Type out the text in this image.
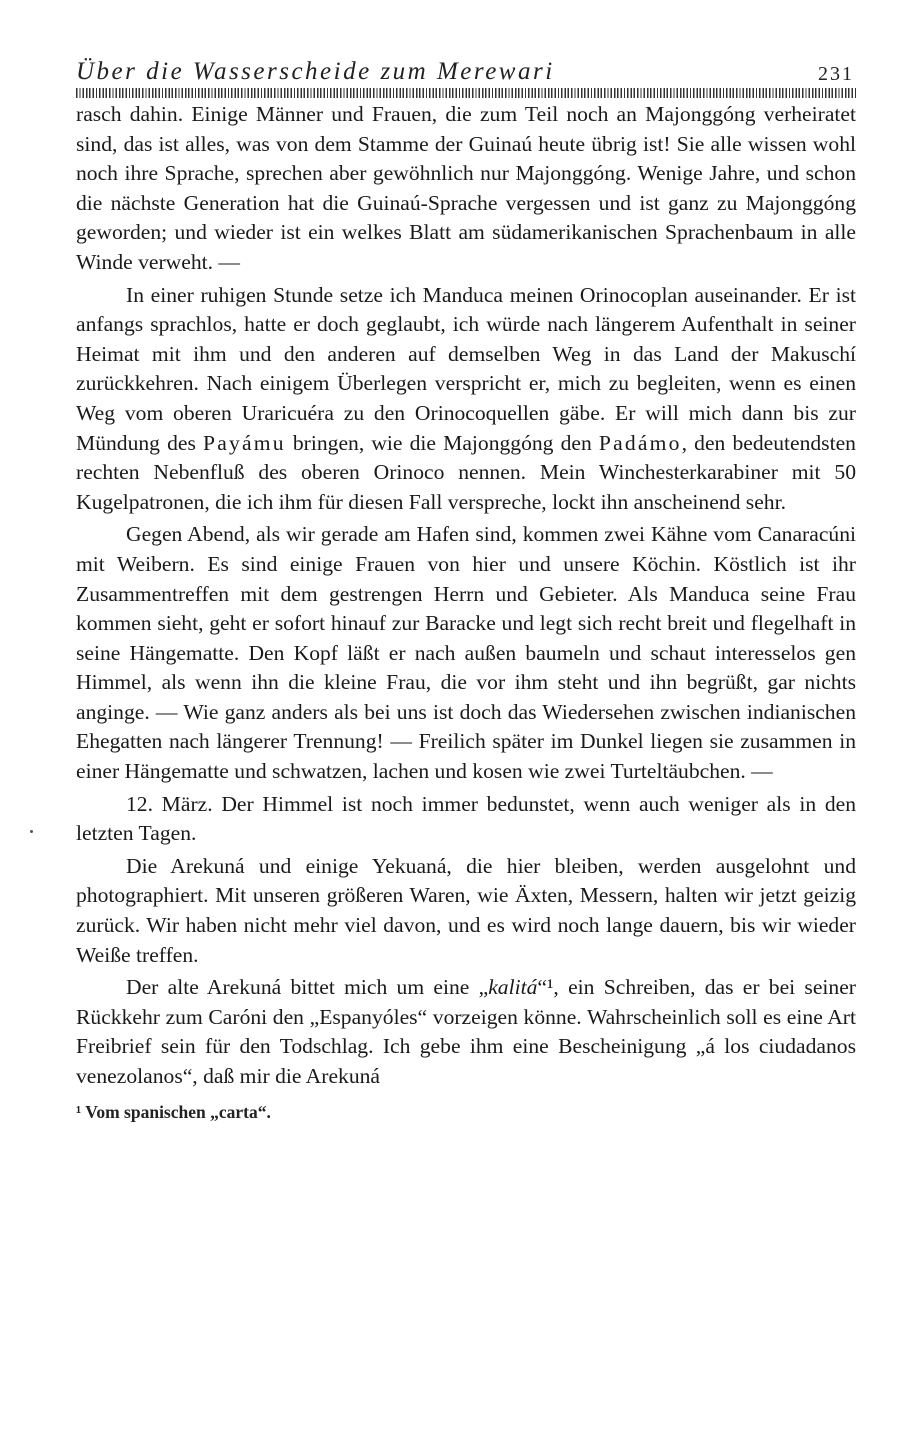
Über die Wasserscheide zum Merewari	231

rasch dahin. Einige Männer und Frauen, die zum Teil noch an Majonggóng verheiratet sind, das ist alles, was von dem Stamme der Guinaú heute übrig ist! Sie alle wissen wohl noch ihre Sprache, sprechen aber gewöhnlich nur Majonggóng. Wenige Jahre, und schon die nächste Generation hat die Guinaú-Sprache vergessen und ist ganz zu Majonggóng geworden; und wieder ist ein welkes Blatt am südamerikanischen Sprachenbaum in alle Winde verweht. —

In einer ruhigen Stunde setze ich Manduca meinen Orinocoplan auseinander. Er ist anfangs sprachlos, hatte er doch geglaubt, ich würde nach längerem Aufenthalt in seiner Heimat mit ihm und den anderen auf demselben Weg in das Land der Makuschí zurückkehren. Nach einigem Überlegen verspricht er, mich zu begleiten, wenn es einen Weg vom oberen Uraricuéra zu den Orinocoquellen gäbe. Er will mich dann bis zur Mündung des Payámu bringen, wie die Majonggóng den Padámo, den bedeutendsten rechten Nebenfluß des oberen Orinoco nennen. Mein Winchesterkarabiner mit 50 Kugelpatronen, die ich ihm für diesen Fall verspreche, lockt ihn anscheinend sehr.

Gegen Abend, als wir gerade am Hafen sind, kommen zwei Kähne vom Canaracúni mit Weibern. Es sind einige Frauen von hier und unsere Köchin. Köstlich ist ihr Zusammentreffen mit dem gestrengen Herrn und Gebieter. Als Manduca seine Frau kommen sieht, geht er sofort hinauf zur Baracke und legt sich recht breit und flegelhaft in seine Hängematte. Den Kopf läßt er nach außen baumeln und schaut interesselos gen Himmel, als wenn ihn die kleine Frau, die vor ihm steht und ihn begrüßt, gar nichts anginge. — Wie ganz anders als bei uns ist doch das Wiedersehen zwischen indianischen Ehegatten nach längerer Trennung! — Freilich später im Dunkel liegen sie zusammen in einer Hängematte und schwatzen, lachen und kosen wie zwei Turteltäubchen. —

12. März. Der Himmel ist noch immer bedunstet, wenn auch weniger als in den letzten Tagen.

Die Arekuná und einige Yekuaná, die hier bleiben, werden ausgelohnt und photographiert. Mit unseren größeren Waren, wie Äxten, Messern, halten wir jetzt geizig zurück. Wir haben nicht mehr viel davon, und es wird noch lange dauern, bis wir wieder Weiße treffen.

Der alte Arekuná bittet mich um eine „kalitá“¹, ein Schreiben, das er bei seiner Rückkehr zum Caróni den „Espanyóles“ vorzeigen könne. Wahrscheinlich soll es eine Art Freibrief sein für den Todschlag. Ich gebe ihm eine Bescheinigung „á los ciudadanos venezolanos“, daß mir die Arekuná

¹ Vom spanischen „carta“.
